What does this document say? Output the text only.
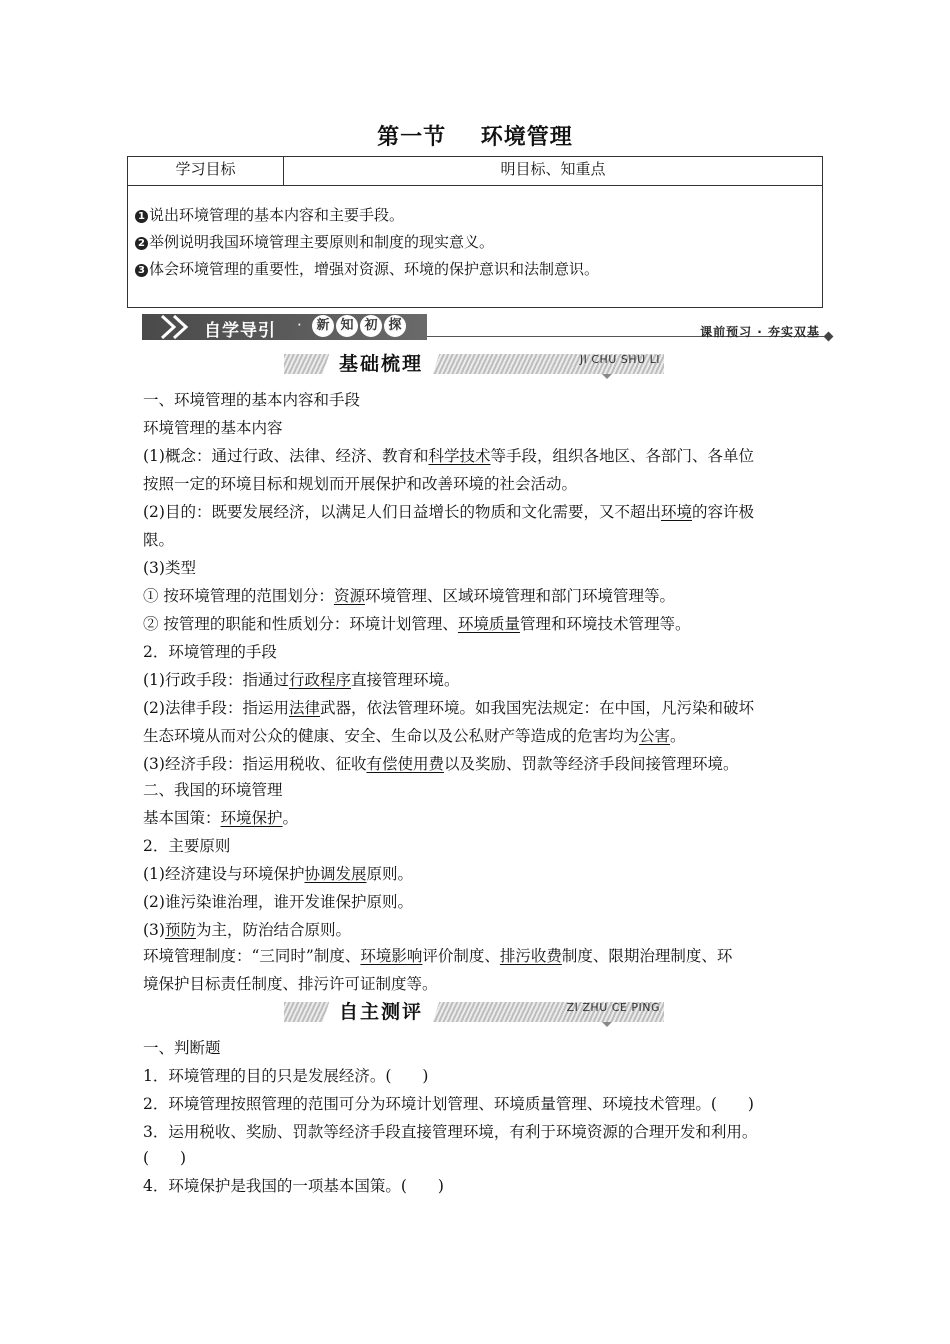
第一节    环境管理
学习目标	明目标、知重点
1 说出环境管理的基本内容和主要手段。
2 举例说明我国环境管理主要原则和制度的现实意义。
3 体会环境管理的重要性，增强对资源、环境的保护意识和法制意识。
自学导引 ·	新 知 初 探	课前预习 · 夯实双基
基础梳理	JI CHU SHU LI
一、环境管理的基本内容和手段
环境管理的基本内容
(1)概念：通过行政、法律、经济、教育和科学技术等手段，组织各地区、各部门、各单位
按照一定的环境目标和规划而开展保护和改善环境的社会活动。
(2)目的：既要发展经济，以满足人们日益增长的物质和文化需要，又不超出环境的容许极
限。
(3)类型
① 按环境管理的范围划分：资源环境管理、区域环境管理和部门环境管理等。
② 按管理的职能和性质划分：环境计划管理、环境质量管理和环境技术管理等。
2．环境管理的手段
(1)行政手段：指通过行政程序直接管理环境。
(2)法律手段：指运用法律武器，依法管理环境。如我国宪法规定：在中国，凡污染和破坏
生态环境从而对公众的健康、安全、生命以及公私财产等造成的危害均为公害。
(3)经济手段：指运用税收、征收有偿使用费以及奖励、罚款等经济手段间接管理环境。
二、我国的环境管理
基本国策：环境保护。
2．主要原则
(1)经济建设与环境保护协调发展原则。
(2)谁污染谁治理，谁开发谁保护原则。
(3)预防为主，防治结合原则。
环境管理制度：“三同时”制度、环境影响评价制度、排污收费制度、限期治理制度、环
境保护目标责任制度、排污许可证制度等。
自主测评	ZI ZHU CE PING
一、判断题
1．环境管理的目的只是发展经济。(　　)
2．环境管理按照管理的范围可分为环境计划管理、环境质量管理、环境技术管理。(　　)
3．运用税收、奖励、罚款等经济手段直接管理环境，有利于环境资源的合理开发和利用。
(　　)
4．环境保护是我国的一项基本国策。(　　)
